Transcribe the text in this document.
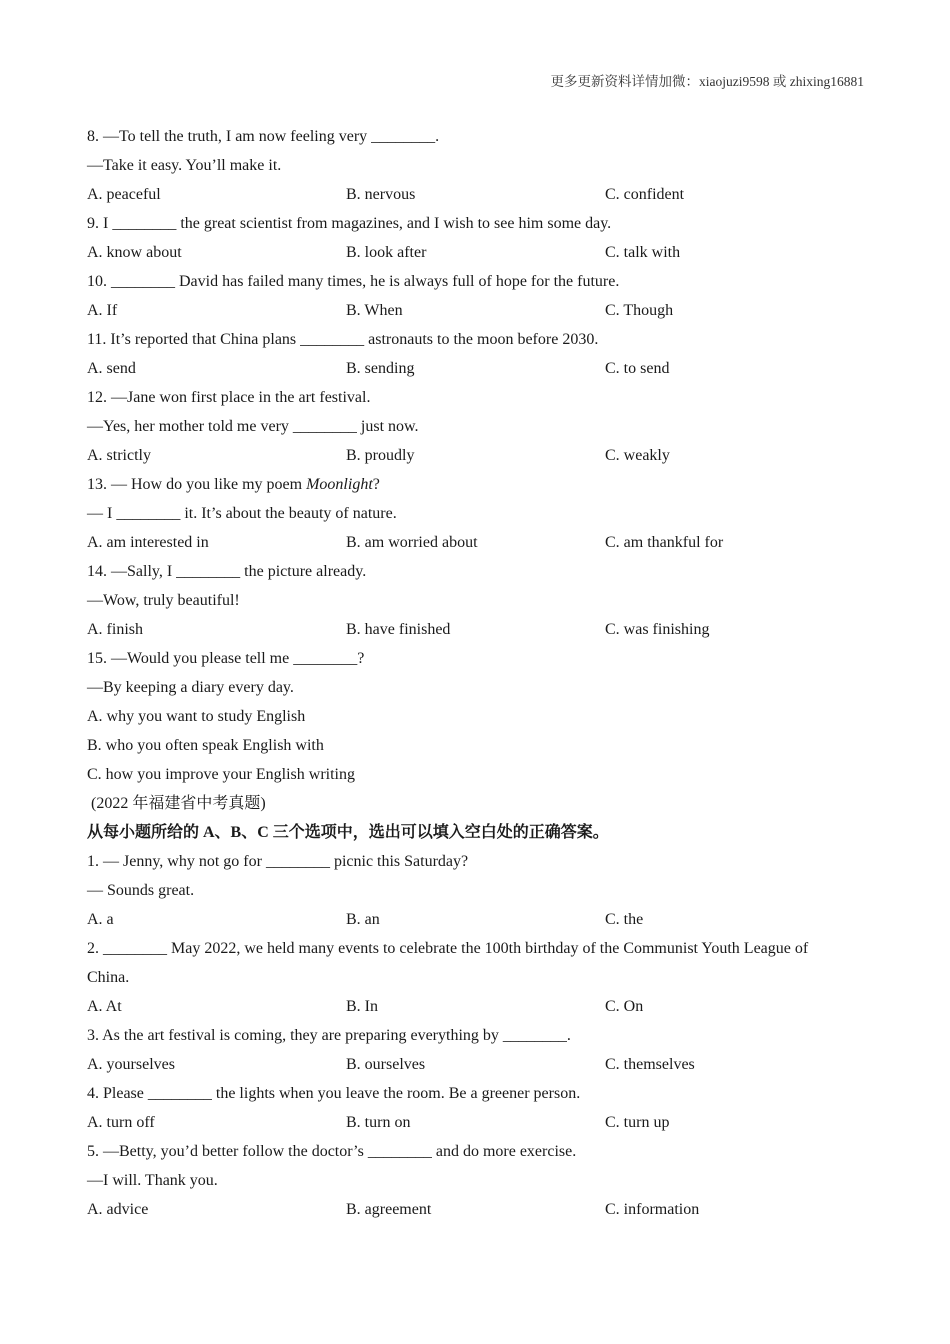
更多更新资料详情加微：xiaojuzi9598 或 zhixing16881
8. —To tell the truth, I am now feeling very ________.
—Take it easy. You’ll make it.
A. peaceful	B. nervous	C. confident
9. I ________ the great scientist from magazines, and I wish to see him some day.
A. know about	B. look after	C. talk with
10. ________ David has failed many times, he is always full of hope for the future.
A. If	B. When	C. Though
11. It’s reported that China plans ________ astronauts to the moon before 2030.
A. send	B. sending	C. to send
12. —Jane won first place in the art festival.
—Yes, her mother told me very ________ just now.
A. strictly	B. proudly	C. weakly
13. — How do you like my poem Moonlight?
— I ________ it. It’s about the beauty of nature.
A. am interested in	B. am worried about	C. am thankful for
14. —Sally, I ________ the picture already.
—Wow, truly beautiful!
A. finish	B. have finished	C. was finishing
15. —Would you please tell me ________?
—By keeping a diary every day.
A. why you want to study English
B. who you often speak English with
C. how you improve your English writing
(2022 年福建省中考真题)
从每小题所给的 A、B、C 三个选项中，选出可以填入空白处的正确答案。
1. — Jenny, why not go for ________ picnic this Saturday?
— Sounds great.
A. a	B. an	C. the
2. ________ May 2022, we held many events to celebrate the 100th birthday of the Communist Youth League of
China.
A. At	B. In	C. On
3. As the art festival is coming, they are preparing everything by ________.
A. yourselves	B. ourselves	C. themselves
4. Please ________ the lights when you leave the room. Be a greener person.
A. turn off	B. turn on	C. turn up
5. —Betty, you’d better follow the doctor’s ________ and do more exercise.
—I will. Thank you.
A. advice	B. agreement	C. information
